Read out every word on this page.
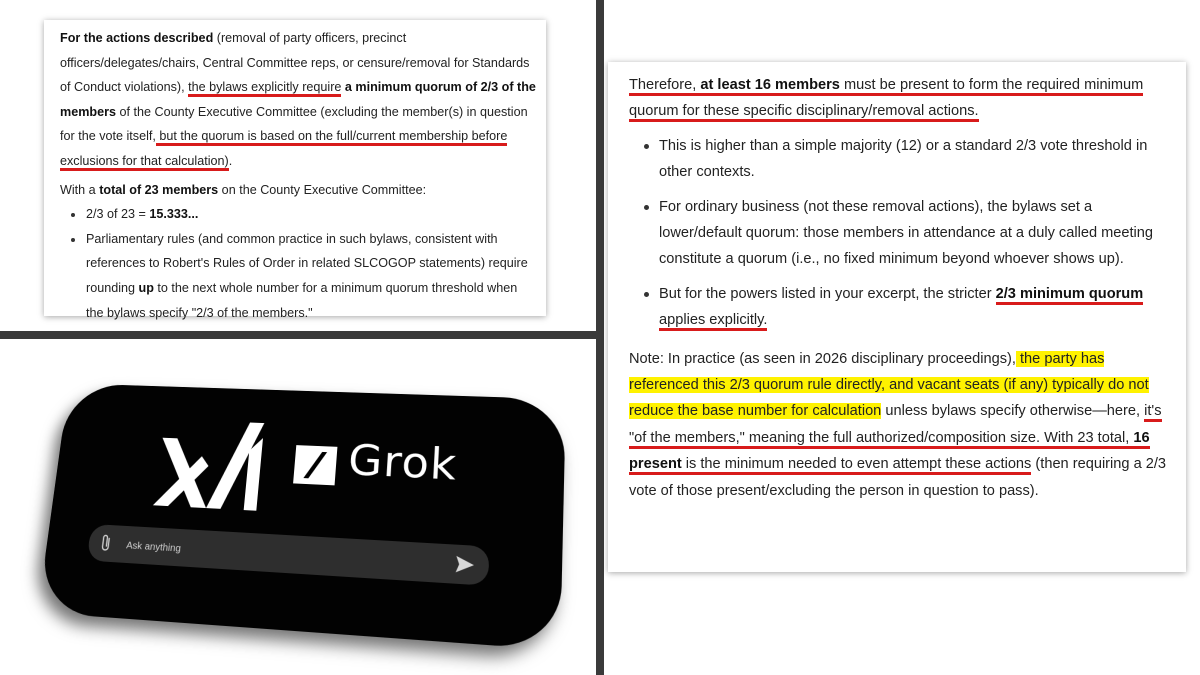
For the actions described (removal of party officers, precinct officers/delegates/chairs, Central Committee reps, or censure/removal for Standards of Conduct violations), the bylaws explicitly require a minimum quorum of 2/3 of the members of the County Executive Committee (excluding the member(s) in question for the vote itself, but the quorum is based on the full/current membership before exclusions for that calculation).

With a total of 23 members on the County Executive Committee:

2/3 of 23 = 15.333...
Parliamentary rules (and common practice in such bylaws, consistent with references to Robert's Rules of Order in related SLCOGOP statements) require rounding up to the next whole number for a minimum quorum threshold when the bylaws specify "2/3 of the members."

Therefore, at least 16 members must be present to form the required minimum quorum for these specific disciplinary/removal actions.

This is higher than a simple majority (12) or a standard 2/3 vote threshold in other contexts.
For ordinary business (not these removal actions), the bylaws set a lower/default quorum: those members in attendance at a duly called meeting constitute a quorum (i.e., no fixed minimum beyond whoever shows up).
But for the powers listed in your excerpt, the stricter 2/3 minimum quorum applies explicitly.

Note: In practice (as seen in 2026 disciplinary proceedings), the party has referenced this 2/3 quorum rule directly, and vacant seats (if any) typically do not reduce the base number for calculation unless bylaws specify otherwise—here, it's "of the members," meaning the full authorized/composition size. With 23 total, 16 present is the minimum needed to even attempt these actions (then requiring a 2/3 vote of those present/excluding the person in question to pass).

Grok
Ask anything
